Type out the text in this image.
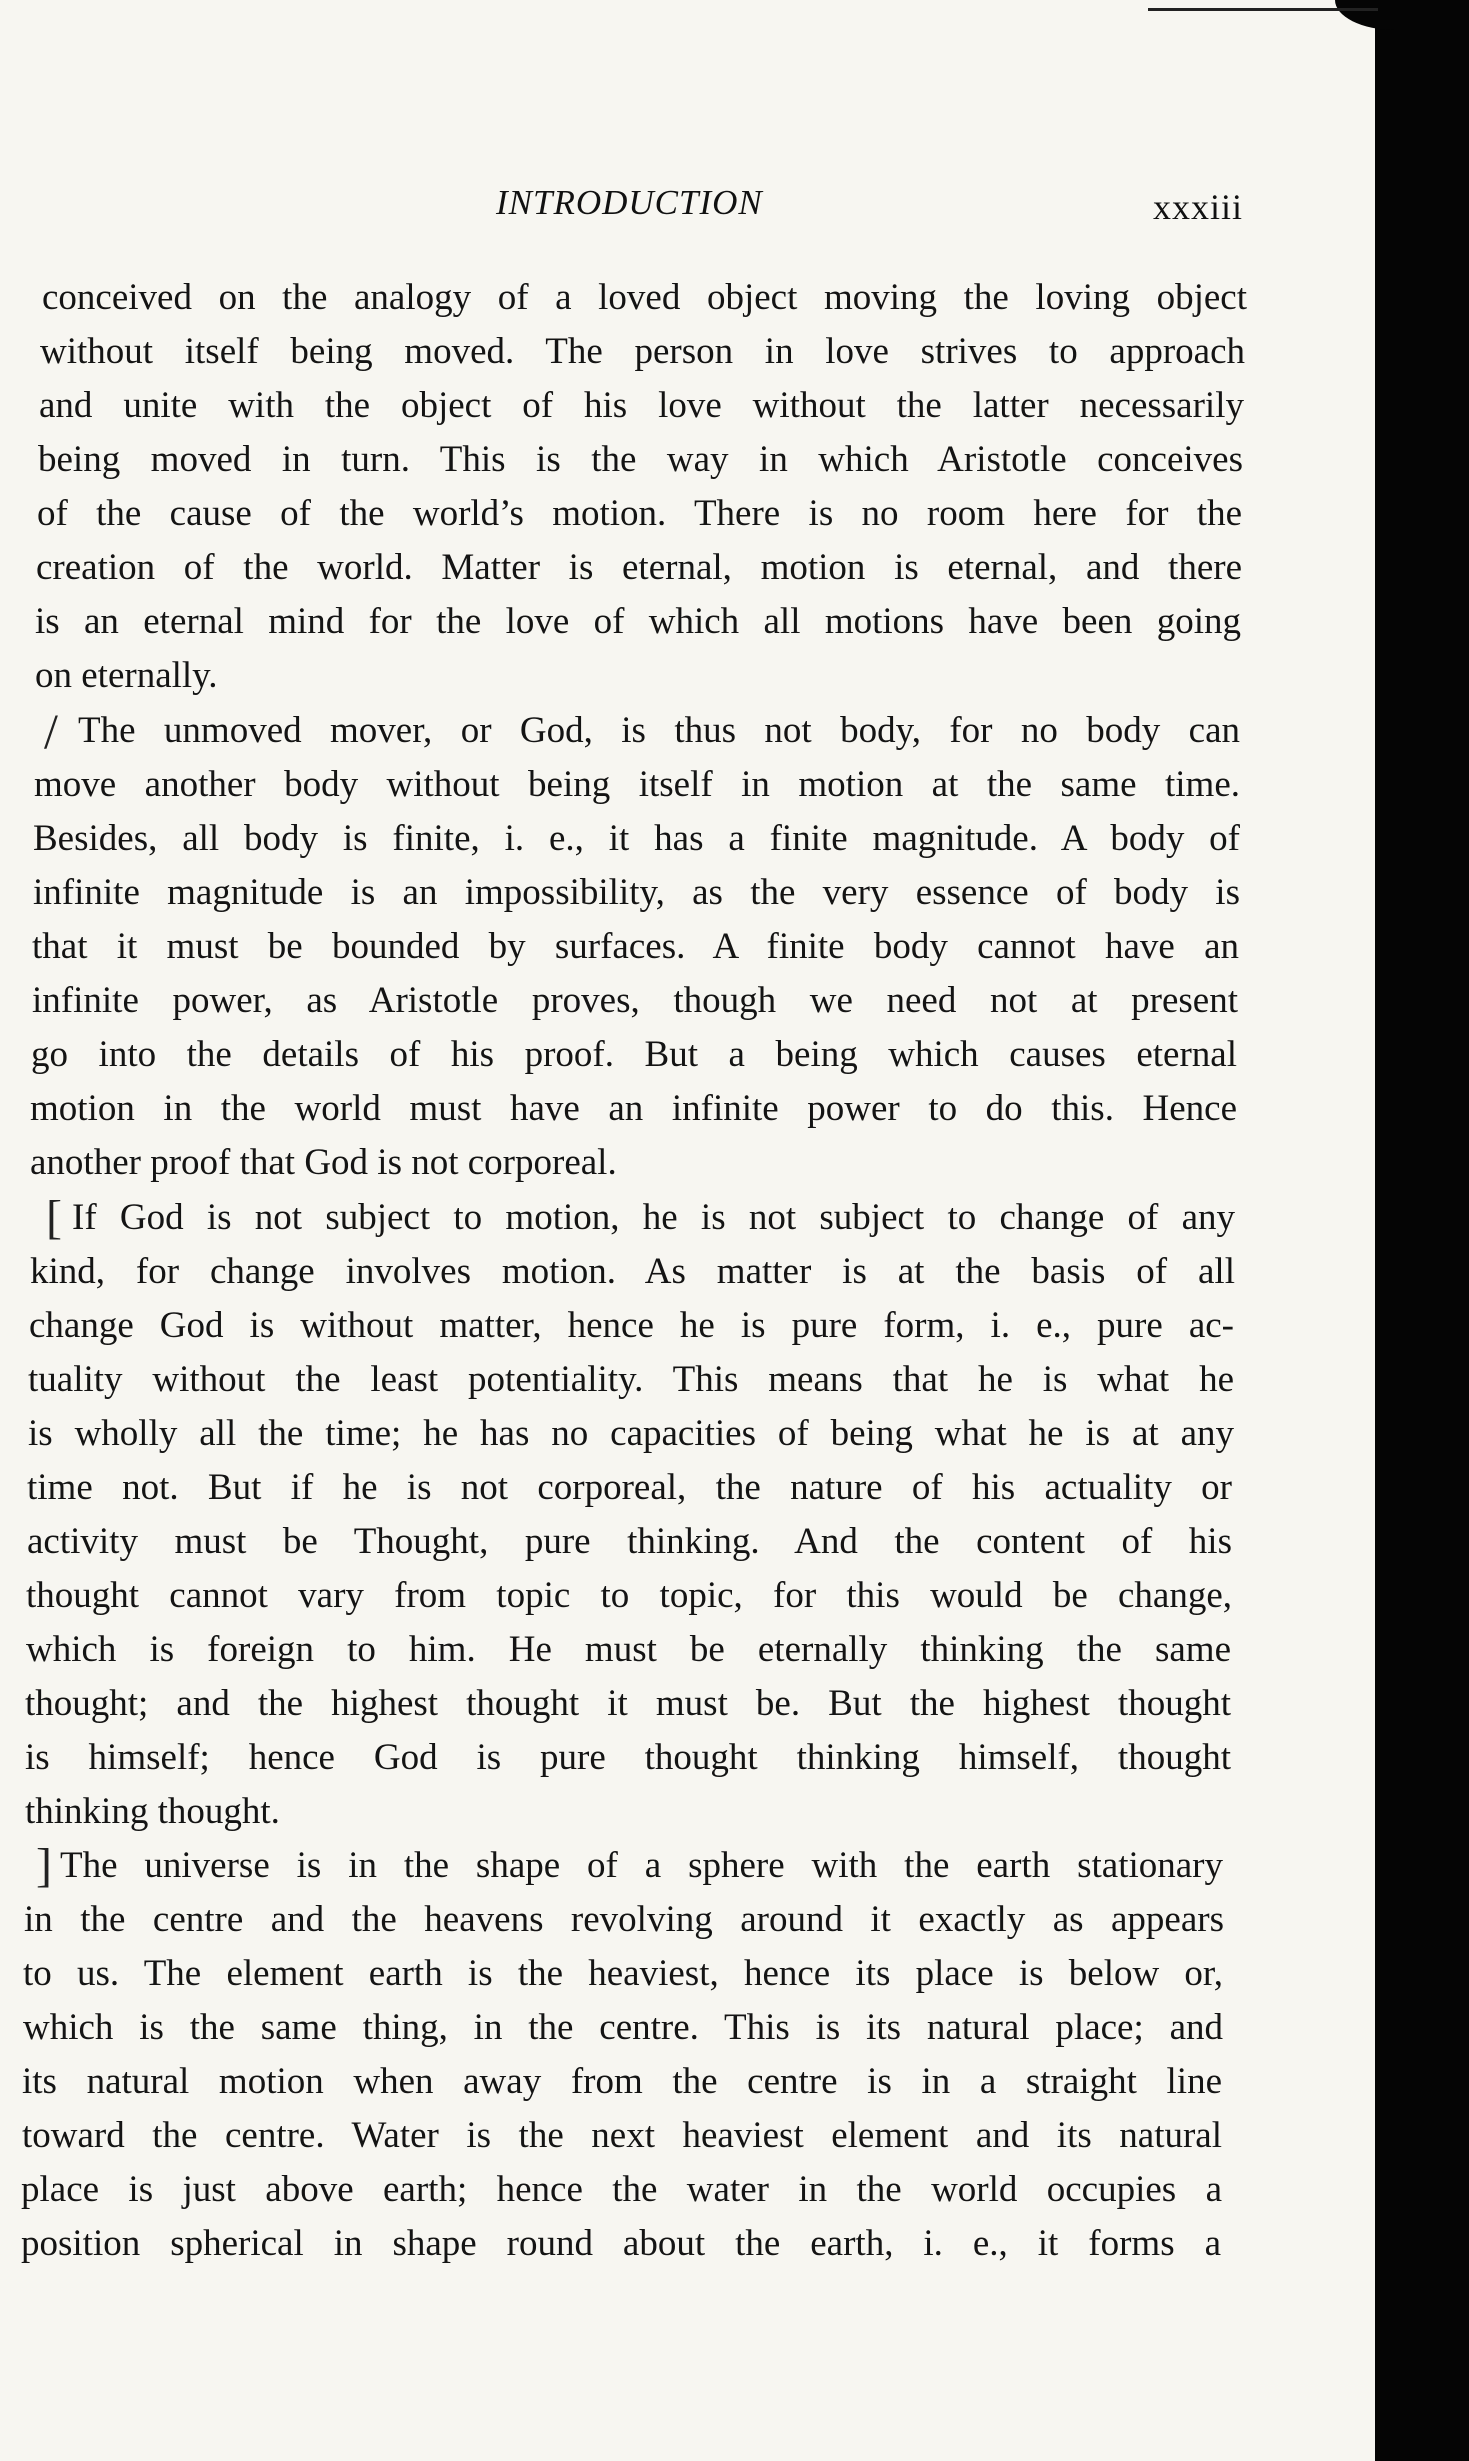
INTRODUCTION	xxxiii
conceived on the analogy of a loved object moving the loving object
without itself being moved. The person in love strives to approach
and unite with the object of his love without the latter necessarily
being moved in turn. This is the way in which Aristotle conceives
of the cause of the world’s motion. There is no room here for the
creation of the world. Matter is eternal, motion is eternal, and there
is an eternal mind for the love of which all motions have been going
on eternally.
/ The unmoved mover, or God, is thus not body, for no body can
move another body without being itself in motion at the same time.
Besides, all body is finite, i. e., it has a finite magnitude. A body of
infinite magnitude is an impossibility, as the very essence of body is
that it must be bounded by surfaces. A finite body cannot have an
infinite power, as Aristotle proves, though we need not at present
go into the details of his proof. But a being which causes eternal
motion in the world must have an infinite power to do this. Hence
another proof that God is not corporeal.
[ If God is not subject to motion, he is not subject to change of any
kind, for change involves motion. As matter is at the basis of all
change God is without matter, hence he is pure form, i. e., pure ac-
tuality without the least potentiality. This means that he is what he
is wholly all the time; he has no capacities of being what he is at any
time not. But if he is not corporeal, the nature of his actuality or
activity must be Thought, pure thinking. And the content of his
thought cannot vary from topic to topic, for this would be change,
which is foreign to him. He must be eternally thinking the same
thought; and the highest thought it must be. But the highest thought
is himself; hence God is pure thought thinking himself, thought
thinking thought.
] The universe is in the shape of a sphere with the earth stationary
in the centre and the heavens revolving around it exactly as appears
to us. The element earth is the heaviest, hence its place is below or,
which is the same thing, in the centre. This is its natural place; and
its natural motion when away from the centre is in a straight line
toward the centre. Water is the next heaviest element and its natural
place is just above earth; hence the water in the world occupies a
position spherical in shape round about the earth, i. e., it forms a
